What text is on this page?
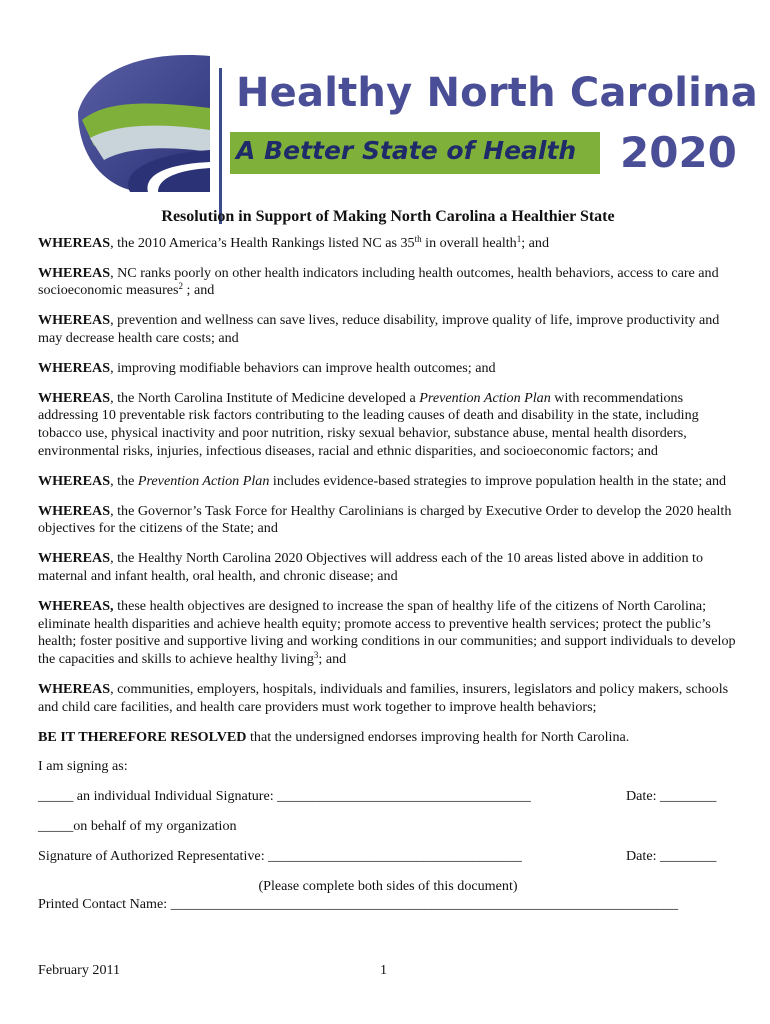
Healthy North Carolina
A Better State of Health 2020
Resolution in Support of Making North Carolina a Healthier State

WHEREAS, the 2010 America’s Health Rankings listed NC as 35th in overall health$^1$; and

WHEREAS, NC ranks poorly on other health indicators including health outcomes, health behaviors, access to care and socioeconomic measures$^2$ ; and

WHEREAS, prevention and wellness can save lives, reduce disability, improve quality of life, improve productivity and may decrease health care costs; and

WHEREAS, improving modifiable behaviors can improve health outcomes; and

WHEREAS, the North Carolina Institute of Medicine developed a Prevention Action Plan with recommendations addressing 10 preventable risk factors contributing to the leading causes of death and disability in the state, including tobacco use, physical inactivity and poor nutrition, risky sexual behavior, substance abuse, mental health disorders, environmental risks, injuries, infectious diseases, racial and ethnic disparities, and socioeconomic factors; and

WHEREAS, the Prevention Action Plan includes evidence-based strategies to improve population health in the state; and

WHEREAS, the Governor’s Task Force for Healthy Carolinians is charged by Executive Order to develop the 2020 health objectives for the citizens of the State; and

WHEREAS, the Healthy North Carolina 2020 Objectives will address each of the 10 areas listed above in addition to maternal and infant health, oral health, and chronic disease; and

WHEREAS, these health objectives are designed to increase the span of healthy life of the citizens of North Carolina; eliminate health disparities and achieve health equity; promote access to preventive health services; protect the public’s health; foster positive and supportive living and working conditions in our communities; and support individuals to develop the capacities and skills to achieve healthy living$^3$; and

WHEREAS, communities, employers, hospitals, individuals and families, insurers, legislators and policy makers, schools and child care facilities, and health care providers must work together to improve health behaviors;

BE IT THEREFORE RESOLVED that the undersigned endorses improving health for North Carolina.

I am signing as:

_____ an individual Individual Signature: ____________________________________	Date: ________
_____on behalf of my organization
Signature of Authorized Representative: ____________________________________	Date: ________
(Please complete both sides of this document)
Printed Contact Name: ________________________________________________________________________
February 2011	1
